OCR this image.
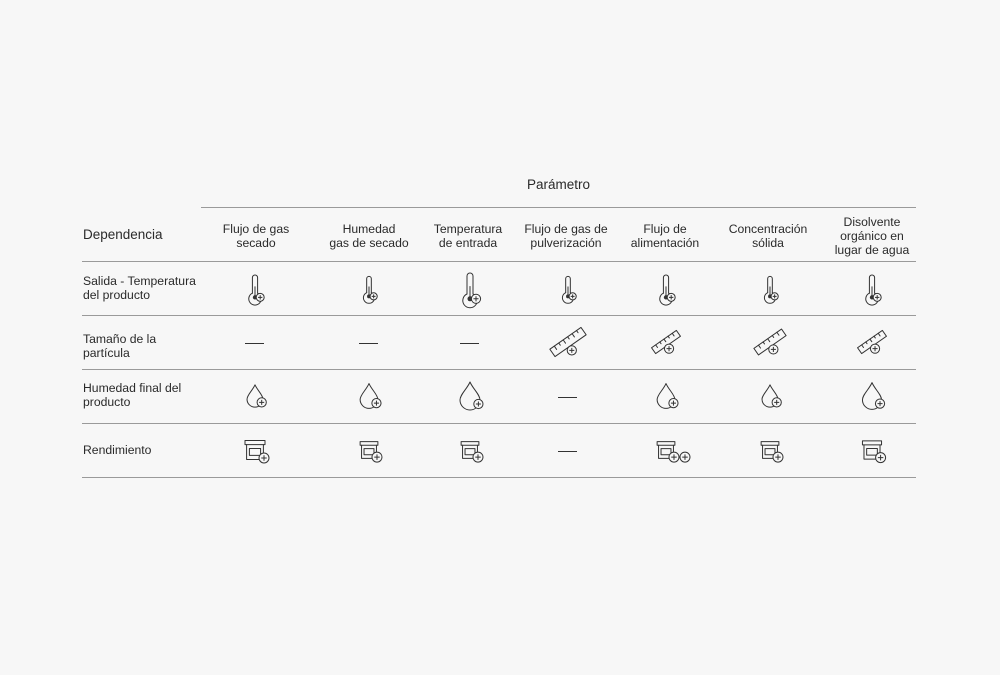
Parámetro
Dependencia	Flujo de gas
secado
Humedad
gas de secado
Temperatura
de entrada
Flujo de gas de
pulverización
Flujo de
alimentación
Concentración
sólida
Disolvente
orgánico en
lugar de agua
Salida - Temperatura
del producto
Tamaño de la
partícula
Humedad final del
producto
Rendimiento
